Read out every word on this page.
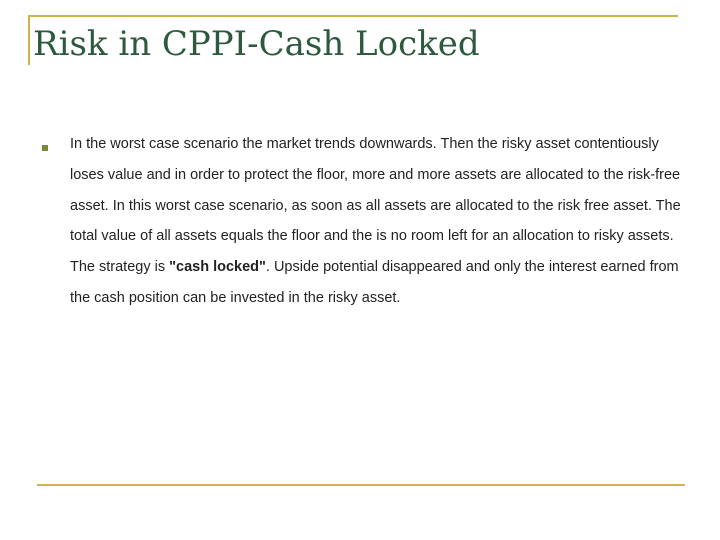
Risk in CPPI-Cash Locked

In the worst case scenario the market trends downwards. Then the risky asset contentiously loses value and in order to protect the floor, more and more assets are allocated to the risk-free asset. In this worst case scenario, as soon as all assets are allocated to the risk free asset. The total value of all assets equals the floor and the is no room left for an allocation to risky assets. The strategy is "cash locked". Upside potential disappeared and only the interest earned from the cash position can be invested in the risky asset.
